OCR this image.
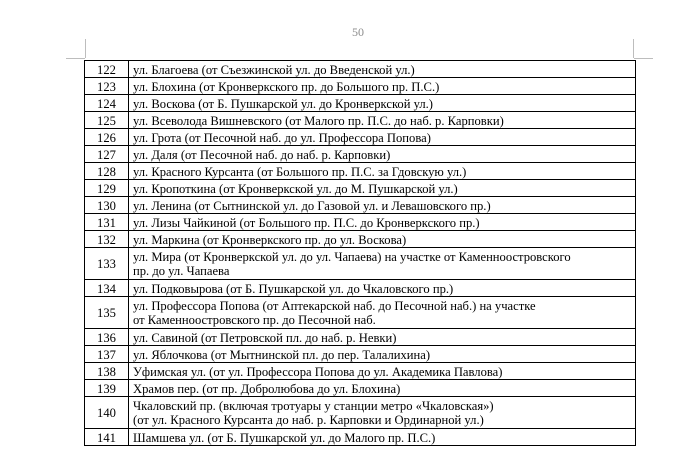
50
122	ул. Благоева (от Съезжинской ул. до Введенской ул.)
123	ул. Блохина (от Кронверкского пр. до Большого пр. П.С.)
124	ул. Воскова (от Б. Пушкарской ул. до Кронверкской ул.)
125	ул. Всеволода Вишневского (от Малого пр. П.С. до наб. р. Карповки)
126	ул. Грота (от Песочной наб. до ул. Профессора Попова)
127	ул. Даля (от Песочной наб. до наб. р. Карповки)
128	ул. Красного Курсанта (от Большого пр. П.С. за Гдовскую ул.)
129	ул. Кропоткина (от Кронверкской ул. до М. Пушкарской ул.)
130	ул. Ленина (от Сытнинской ул. до Газовой ул. и Левашовского пр.)
131	ул. Лизы Чайкиной (от Большого пр. П.С. до Кронверкского пр.)
132	ул. Маркина (от Кронверкского пр. до ул. Воскова)
133	ул. Мира (от Кронверкской ул. до ул. Чапаева) на участке от Каменноостровского
пр. до ул. Чапаева

134	ул. Подковырова (от Б. Пушкарской ул. до Чкаловского пр.)
135	ул. Профессора Попова (от Аптекарской наб. до Песочной наб.) на участке
от Каменноостровского пр. до Песочной наб.

136	ул. Савиной (от Петровской пл. до наб. р. Невки)
137	ул. Яблочкова (от Мытнинской пл. до пер. Талалихина)
138	Уфимская ул. (от ул. Профессора Попова до ул. Академика Павлова)
139	Храмов пер. (от пр. Добролюбова до ул. Блохина)
140	Чкаловский пр. (включая тротуары у станции метро «Чкаловская»)
(от ул. Красного Курсанта до наб. р. Карповки и Ординарной ул.)

141	Шамшева ул. (от Б. Пушкарской ул. до Малого пр. П.С.)
